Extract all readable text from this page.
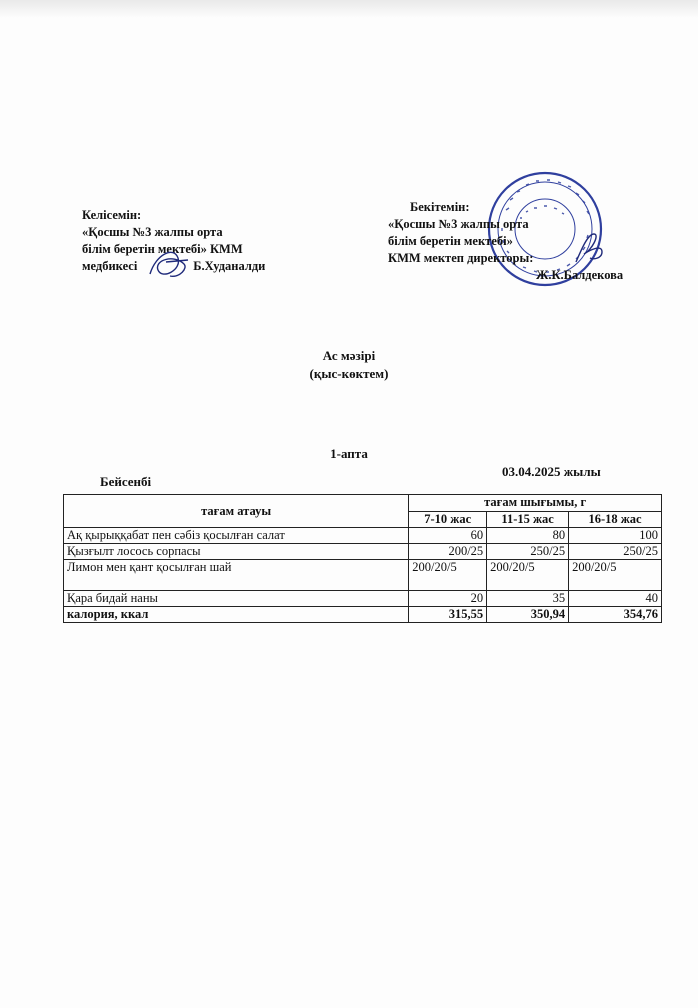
Келісемін:
«Қосшы №3 жалпы орта
білім беретін мектебі» КММ
медбикесі	Б.Худаналди
Бекітемін:
«Қосшы №3 жалпы орта
білім беретін мектебі»
КММ мектеп директоры:
Ж.К.Балдекова
Ас мәзірі
(қыс-көктем)
1-апта
Бейсенбі
03.04.2025 жылы
тағам атауы	тағам шығымы, г		
	7-10 жас	11-15 жас	16-18 жас
Ақ қырыққабат пен сәбіз қосылған салат	60	80	100
Қызғылт лосось сорпасы	200/25	250/25	250/25
Лимон мен қант қосылған шай	200/20/5	200/20/5	200/20/5
Қара бидай наны	20	35	40
калория, ккал	315,55	350,94	354,76
